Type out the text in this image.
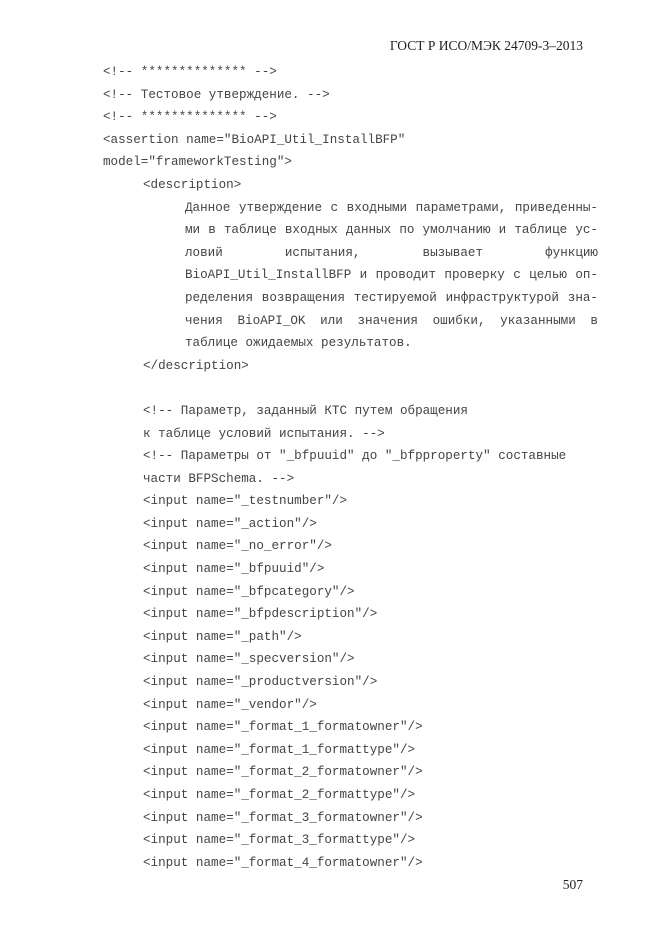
ГОСТ Р ИСО/МЭК 24709-3–2013
<!-- ************** -->
<!-- Тестовое утверждение. -->
<!-- ************** -->
<assertion name="BioAPI_Util_InstallBFP"
model="frameworkTesting">
<description>
Данное утверждение с входными параметрами, приведенны-
ми в таблице входных данных по умолчанию и таблице ус-
ловий испытания, вызывает функцию
BioAPI_Util_InstallBFP и проводит проверку с целью оп-
ределения возвращения тестируемой инфраструктурой зна-
чения BioAPI_OK или значения ошибки, указанными в
таблице ожидаемых результатов.
</description>
<!-- Параметр, заданный КТС путем обращения
к таблице условий испытания. -->
<!-- Параметры от "_bfpuuid" до "_bfpproperty" составные
части BFPSchema. -->
<input name="_testnumber"/>
<input name="_action"/>
<input name="_no_error"/>
<input name="_bfpuuid"/>
<input name="_bfpcategory"/>
<input name="_bfpdescription"/>
<input name="_path"/>
<input name="_specversion"/>
<input name="_productversion"/>
<input name="_vendor"/>
<input name="_format_1_formatowner"/>
<input name="_format_1_formattype"/>
<input name="_format_2_formatowner"/>
<input name="_format_2_formattype"/>
<input name="_format_3_formatowner"/>
<input name="_format_3_formattype"/>
<input name="_format_4_formatowner"/>
507
